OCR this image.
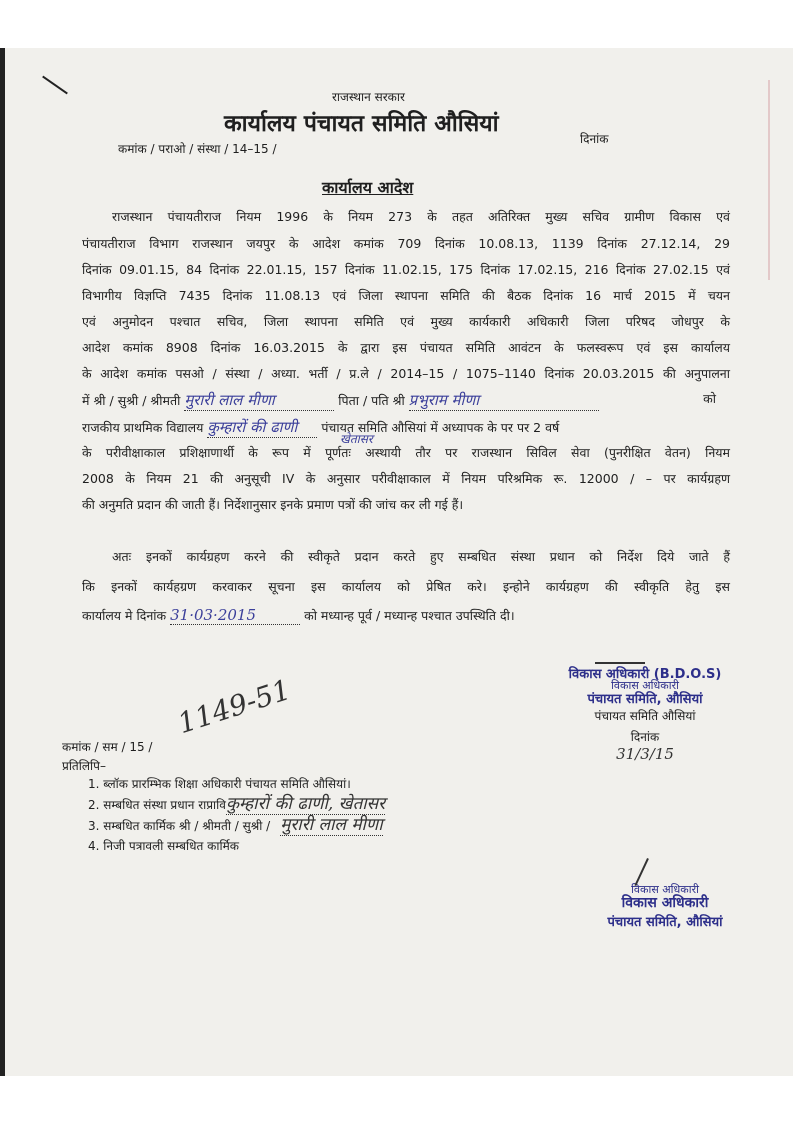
राजस्थान सरकार
कार्यालय पंचायत समिति औसियां
कमांक / पराओ / संस्था / 14–15 /
दिनांक
कार्यालय आदेश
राजस्थान पंचायतीराज नियम 1996 के नियम 273 के तहत अतिरिक्त मुख्य सचिव ग्रामीण विकास एवं
पंचायतीराज विभाग राजस्थान जयपुर के आदेश कमांक 709 दिनांक 10.08.13, 1139 दिनांक 27.12.14, 29
दिनांक 09.01.15, 84 दिनांक 22.01.15, 157 दिनांक 11.02.15, 175 दिनांक 17.02.15, 216 दिनांक 27.02.15 एवं
विभागीय विज्ञप्ति 7435 दिनांक 11.08.13 एवं जिला स्थापना समिति की बैठक दिनांक 16 मार्च 2015 में चयन
एवं अनुमोदन पश्चात सचिव, जिला स्थापना समिति एवं मुख्य कार्यकारी अधिकारी जिला परिषद जोधपुर के
आदेश कमांक 8908 दिनांक 16.03.2015 के द्वारा इस पंचायत समिति आवंटन के फलस्वरूप एवं इस कार्यालय
के आदेश कमांक पसओ / संस्था / अध्या. भर्ती / प्र.ले / 2014–15 / 1075–1140 दिनांक 20.03.2015 की अनुपालना
में श्री / सुश्री / श्रीमती मुरारी लाल मीणा	पिता / पति श्री प्रभुराम मीणा	को
राजकीय प्राथमिक विद्यालय कुम्हारों की ढाणी पंचायत समिति औसियां में अध्यापक के पर पर 2 वर्ष
खेतासर
के परीवीक्षाकाल प्रशिक्षाणार्थी के रूप में पूर्णतः अस्थायी तौर पर राजस्थान सिविल सेवा (पुनरीक्षित वेतन) नियम
2008 के नियम 21 की अनुसूची IV के अनुसार परीवीक्षाकाल में नियम परिश्रमिक रू. 12000 / – पर कार्यग्रहण
की अनुमति प्रदान की जाती हैं। निर्देशानुसार इनके प्रमाण पत्रों की जांच कर ली गई हैं।
अतः इनकों कार्यग्रहण करने की स्वीकृते प्रदान करते हुए सम्बधित संस्था प्रधान को निर्देश दिये जाते हैं
कि इनकों कार्यहग्रण करवाकर सूचना इस कार्यालय को प्रेषित करे। इन्होने कार्यग्रहण की स्वीकृति हेतु इस
कार्यालय मे दिनांक 31·03·2015	को मध्यान्ह पूर्व / मध्यान्ह पश्चात उपस्थिति दी।
विकास अधिकारी (B.D.O.S)
विकास अधिकारी
पंचायत समिति, औसियां
पंचायत समिति औसियां
दिनांक
31/3/15
कमांक / सम / 15 /
1149-51
प्रतिलिपि–
1. ब्लॉक प्रारम्भिक शिक्षा अधिकारी पंचायत समिति औसियां।
2. सम्बधित संस्था प्रधान राप्राविकुम्हारों की ढाणी, खेतासर
3. सम्बधित कार्मिक श्री / श्रीमती / सुश्री / मुरारी लाल मीणा
4. निजी पत्रावली सम्बधित कार्मिक
विकास अधिकारी
विकास अधिकारी
पंचायत समिति, औसियां
